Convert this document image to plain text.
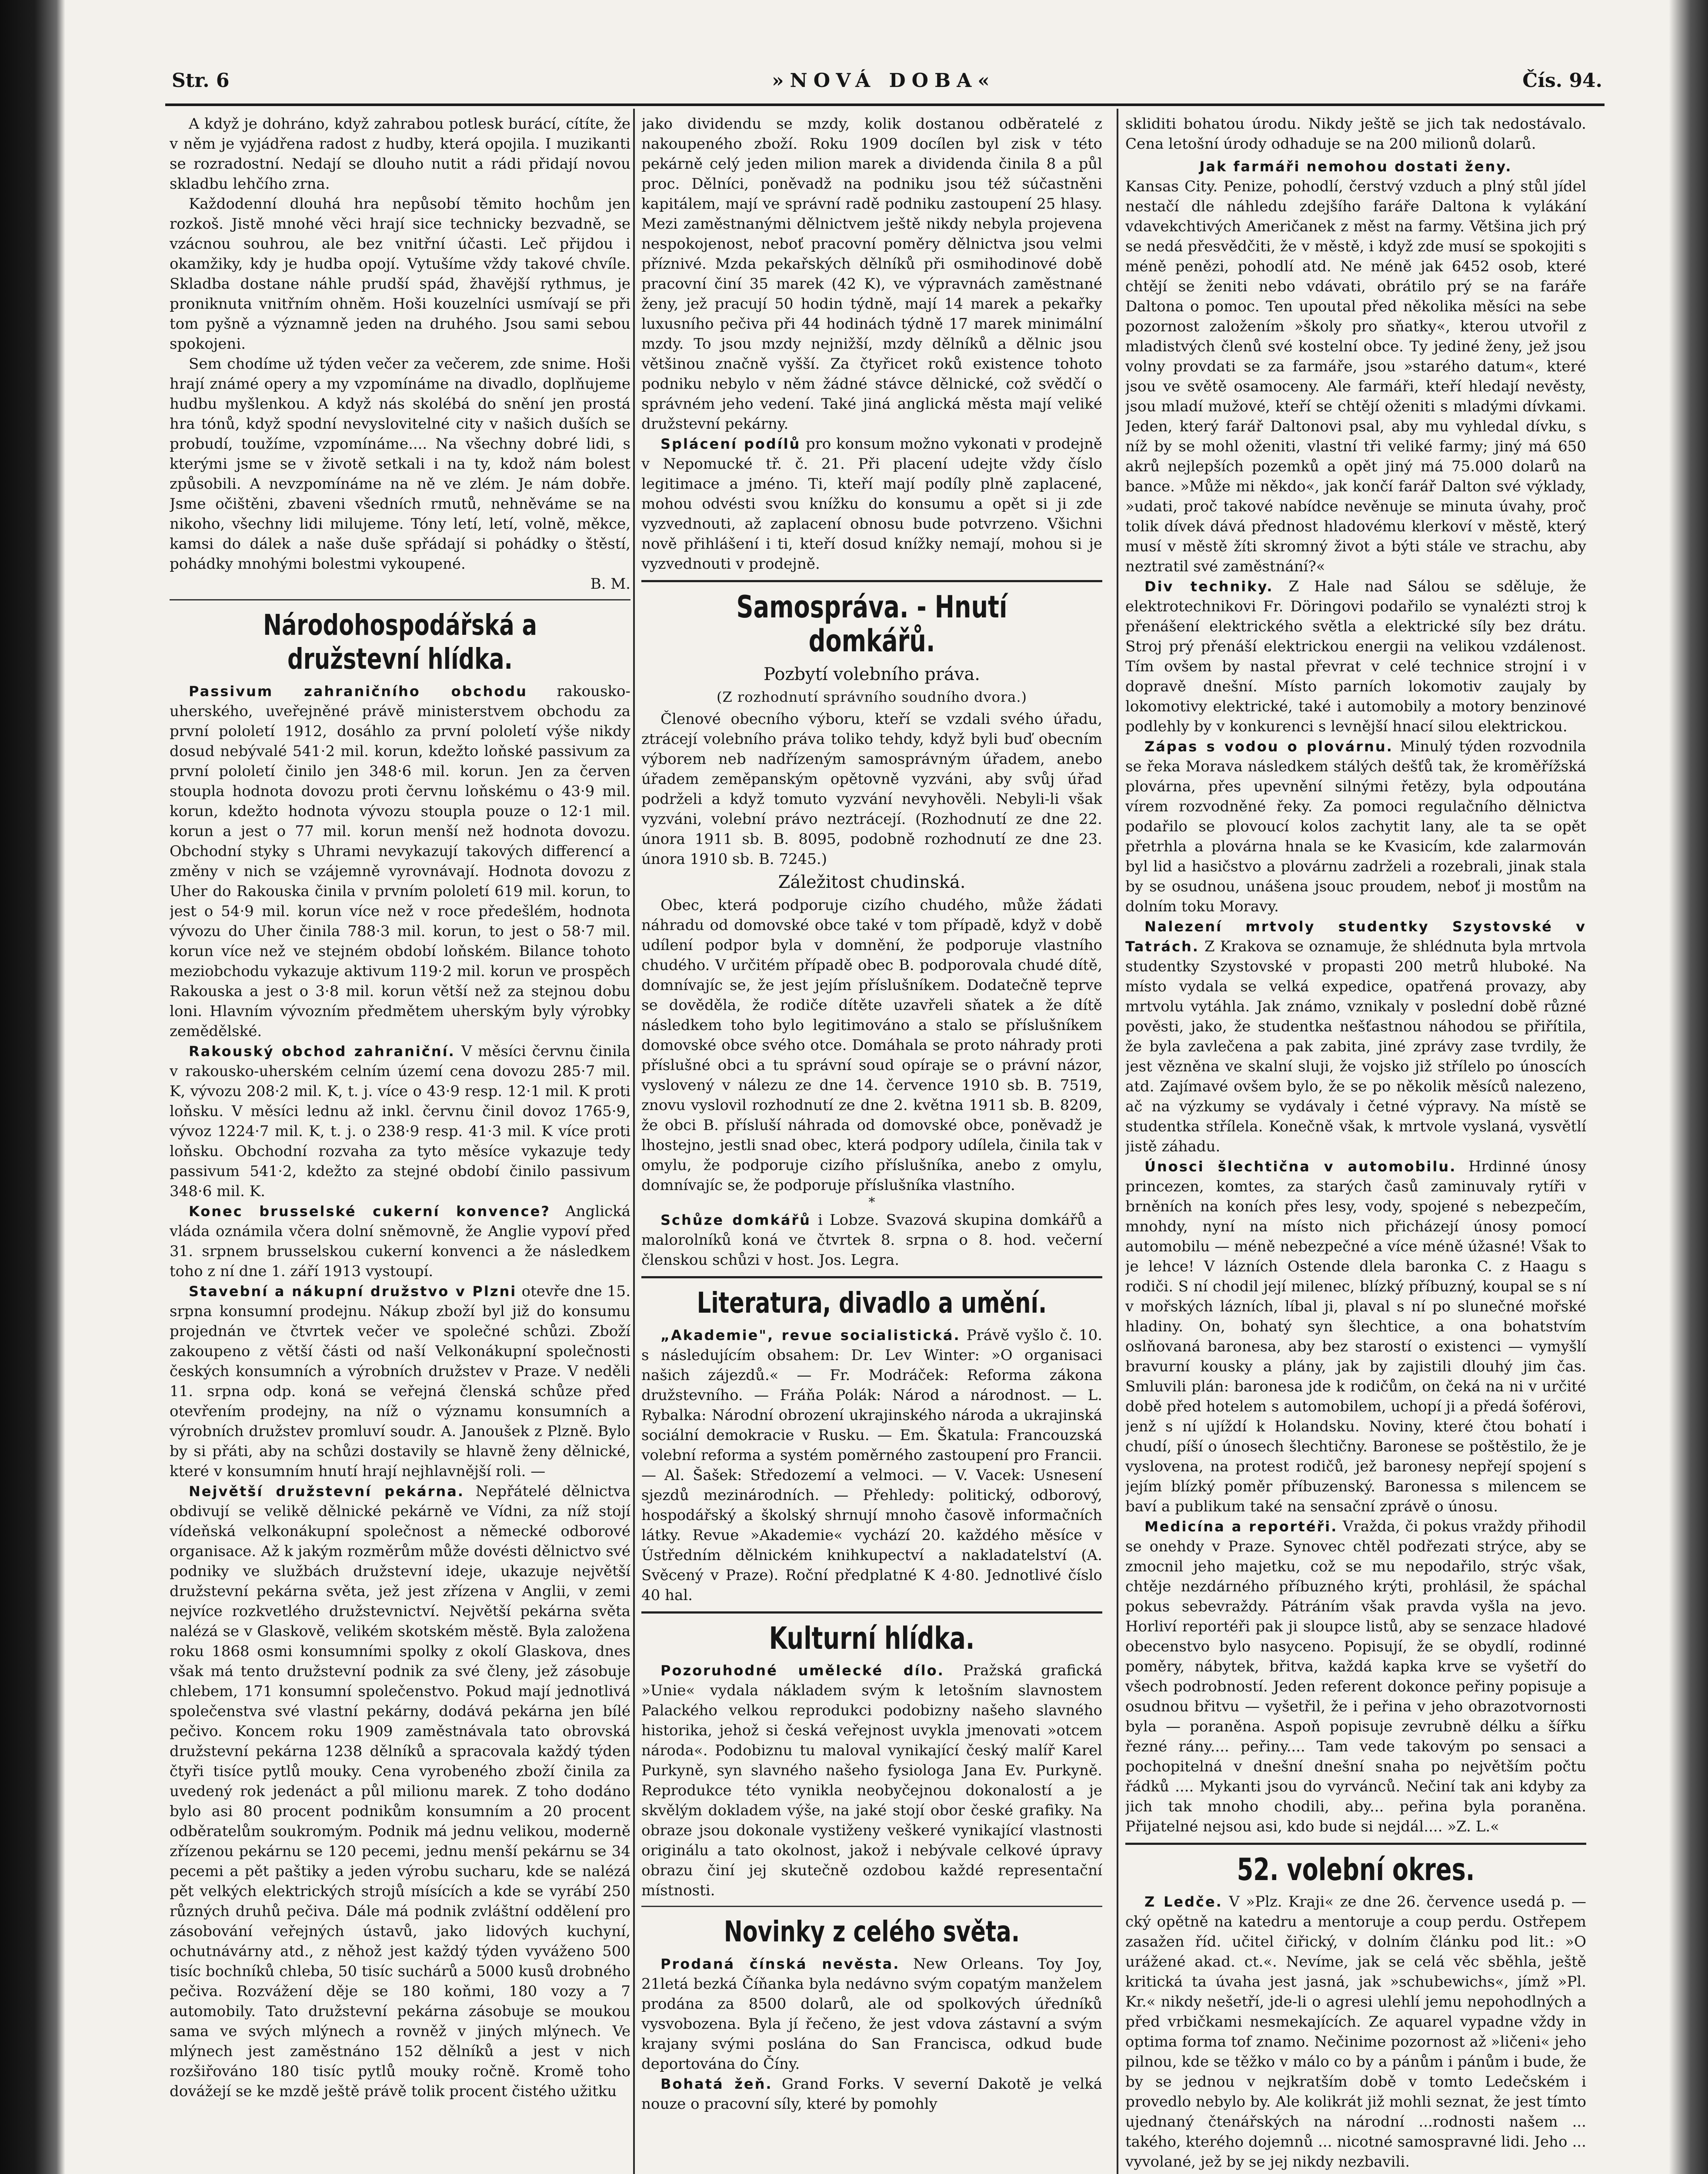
Str. 6	»NOVÁ DOBA«	Čís. 94.

A když je dohráno, když zahrabou potlesk burácí, cítíte, že v něm je vyjádřena radost z hudby, která opojila. I muzikanti se rozradostní. Nedají se dlouho nutit a rádi přidají novou skladbu lehčího zrna.

Každodenní dlouhá hra nepůsobí těmito hochům jen rozkoš. Jistě mnohé věci hrají sice technicky bezvadně, se vzácnou souhrou, ale bez vnitřní účasti. Leč přijdou i okamžiky, kdy je hudba opojí. Vytušíme vždy takové chvíle. Skladba dostane náhle prudší spád, žhavější rythmus, je proniknuta vnitřním ohněm. Hoši kouzelníci usmívají se při tom pyšně a významně jeden na druhého. Jsou sami sebou spokojeni.

Sem chodíme už týden večer za večerem, zde snime. Hoši hrají známé opery a my vzpomínáme na divadlo, doplňujeme hudbu myšlenkou. A když nás skolébá do snění jen prostá hra tónů, když spodní nevyslovitelné city v našich duších se probudí, toužíme, vzpomínáme.... Na všechny dobré lidi, s kterými jsme se v životě setkali i na ty, kdož nám bolest způsobili. A nevzpomínáme na ně ve zlém. Je nám dobře. Jsme očištěni, zbaveni všedních rmutů, nehněváme se na nikoho, všechny lidi milujeme. Tóny letí, letí, volně, měkce, kamsi do dálek a naše duše spřádají si pohádky o štěstí, pohádky mnohými bolestmi vykoupené.

B. M.
Národohospodářská a družstevní hlídka.

Passivum zahraničního obchodu rakousko-uherského, uveřejněné právě ministerstvem obchodu za první pololetí 1912, dosáhlo za první pololetí výše nikdy dosud nebývalé 541·2 mil. korun, kdežto loňské passivum za první pololetí činilo jen 348·6 mil. korun. Jen za červen stoupla hodnota dovozu proti červnu loňskému o 43·9 mil. korun, kdežto hodnota vývozu stoupla pouze o 12·1 mil. korun a jest o 77 mil. korun menší než hodnota dovozu. Obchodní styky s Uhrami nevykazují takových differencí a změny v nich se vzájemně vyrovnávají. Hodnota dovozu z Uher do Rakouska činila v prvním pololetí 619 mil. korun, to jest o 54·9 mil. korun více než v roce předešlém, hodnota vývozu do Uher činila 788·3 mil. korun, to jest o 58·7 mil. korun více než ve stejném období loňském. Bilance tohoto meziobchodu vykazuje aktivum 119·2 mil. korun ve prospěch Rakouska a jest o 3·8 mil. korun větší než za stejnou dobu loni. Hlavním vývozním předmětem uherským byly výrobky zemědělské.

Rakouský obchod zahraniční. V měsíci červnu činila v rakousko-uherském celním území cena dovozu 285·7 mil. K, vývozu 208·2 mil. K, t. j. více o 43·9 resp. 12·1 mil. K proti loňsku. V měsíci lednu až inkl. červnu činil dovoz 1765·9, vývoz 1224·7 mil. K, t. j. o 238·9 resp. 41·3 mil. K více proti loňsku. Obchodní rozvaha za tyto měsíce vykazuje tedy passivum 541·2, kdežto za stejné období činilo passivum 348·6 mil. K.

Konec brusselské cukerní konvence? Anglická vláda oznámila včera dolní sněmovně, že Anglie vypoví před 31. srpnem brusselskou cukerní konvenci a že následkem toho z ní dne 1. září 1913 vystoupí.

Stavební a nákupní družstvo v Plzni otevře dne 15. srpna konsumní prodejnu. Nákup zboží byl již do konsumu projednán ve čtvrtek večer ve společné schůzi. Zboží zakoupeno z větší části od naší Velkonákupní společnosti českých konsumních a výrobních družstev v Praze. V neděli 11. srpna odp. koná se veřejná členská schůze před otevřením prodejny, na níž o významu konsumních a výrobních družstev promluví soudr. A. Janoušek z Plzně. Bylo by si přáti, aby na schůzi dostavily se hlavně ženy dělnické, které v konsumním hnutí hrají nejhlavnější roli. —

Největší družstevní pekárna. Nepřátelé dělnictva obdivují se velikě dělnické pekárně ve Vídni, za níž stojí vídeňská velkonákupní společnost a německé odborové organisace. Až k jakým rozměrům může dovésti dělnictvo své podniky ve službách družstevní ideje, ukazuje největší družstevní pekárna světa, jež jest zřízena v Anglii, v zemi nejvíce rozkvetlého družstevnictví. Největší pekárna světa nalézá se v Glaskově, velikém skotském městě. Byla založena roku 1868 osmi konsumními spolky z okolí Glaskova, dnes však má tento družstevní podnik za své členy, jež zásobuje chlebem, 171 konsumní společenstvo. Pokud mají jednotlivá společenstva své vlastní pekárny, dodává pekárna jen bílé pečivo. Koncem roku 1909 zaměstnávala tato obrovská družstevní pekárna 1238 dělníků a spracovala každý týden čtyři tisíce pytlů mouky. Cena vyrobeného zboží činila za uvedený rok jedenáct a půl milionu marek. Z toho dodáno bylo asi 80 procent podnikům konsumním a 20 procent odběratelům soukromým. Podnik má jednu velikou, moderně zřízenou pekárnu se 120 pecemi, jednu menší pekárnu se 34 pecemi a pět paštiky a jeden výrobu sucharu, kde se nalézá pět velkých elektrických strojů mísících a kde se vyrábí 250 různých druhů pečiva. Dále má podnik zvláštní oddělení pro zásobování veřejných ústavů, jako lidových kuchyní, ochutnávárny atd., z něhož jest každý týden vyváženo 500 tisíc bochníků chleba, 50 tisíc suchárů a 5000 kusů drobného pečiva. Rozvážení děje se 180 koňmi, 180 vozy a 7 automobily. Tato družstevní pekárna zásobuje se moukou sama ve svých mlýnech a rovněž v jiných mlýnech. Ve mlýnech jest zaměstnáno 152 dělníků a jest v nich rozšiřováno 180 tisíc pytlů mouky ročně. Kromě toho dovážejí se ke mzdě ještě právě tolik procent čistého užitku

jako dividendu se mzdy, kolik dostanou odběratelé z nakoupeného zboží. Roku 1909 docílen byl zisk v této pekárně celý jeden milion marek a dividenda činila 8 a půl proc. Dělníci, poněvadž na podniku jsou též súčastněni kapitálem, mají ve správní radě podniku zastoupení 25 hlasy. Mezi zaměstnanými dělnictvem ještě nikdy nebyla projevena nespokojenost, neboť pracovní poměry dělnictva jsou velmi příznivé. Mzda pekařských dělníků při osmihodinové době pracovní činí 35 marek (42 K), ve výpravnách zaměstnané ženy, jež pracují 50 hodin týdně, mají 14 marek a pekařky luxusního pečiva při 44 hodinách týdně 17 marek minimální mzdy. To jsou mzdy nejnižší, mzdy dělníků a dělnic jsou většinou značně vyšší. Za čtyřicet roků existence tohoto podniku nebylo v něm žádné stávce dělnické, což svědčí o správném jeho vedení. Také jiná anglická města mají veliké družstevní pekárny.

Splácení podílů pro konsum možno vykonati v prodejně v Nepomucké tř. č. 21. Při placení udejte vždy číslo legitimace a jméno. Ti, kteří mají podíly plně zaplacené, mohou odvésti svou knížku do konsumu a opět si ji zde vyzvednouti, až zaplacení obnosu bude potvrzeno. Všichni nově přihlášení i ti, kteří dosud knížky nemají, mohou si je vyzvednouti v prodejně.

Samospráva. - Hnutí domkářů.
Pozbytí volebního práva.
(Z rozhodnutí správního soudního dvora.)

Členové obecního výboru, kteří se vzdali svého úřadu, ztrácejí volebního práva toliko tehdy, když byli buď obecním výborem neb nadřízeným samosprávným úřadem, anebo úřadem zeměpanským opětovně vyzváni, aby svůj úřad podrželi a když tomuto vyzvání nevyhověli. Nebyli-li však vyzváni, volební právo neztrácejí. (Rozhodnutí ze dne 22. února 1911 sb. B. 8095, podobně rozhodnutí ze dne 23. února 1910 sb. B. 7245.)

Záležitost chudinská.

Obec, která podporuje cizího chudého, může žádati náhradu od domovské obce také v tom případě, když v době udílení podpor byla v domnění, že podporuje vlastního chudého. V určitém případě obec B. podporovala chudé dítě, domnívajíc se, že jest jejím příslušníkem. Dodatečně teprve se dověděla, že rodiče dítěte uzavřeli sňatek a že dítě následkem toho bylo legitimováno a stalo se příslušníkem domovské obce svého otce. Domáhala se proto náhrady proti příslušné obci a tu správní soud opíraje se o právní názor, vyslovený v nálezu ze dne 14. července 1910 sb. B. 7519, znovu vyslovil rozhodnutí ze dne 2. května 1911 sb. B. 8209, že obci B. přísluší náhrada od domovské obce, poněvadž je lhostejno, jestli snad obec, která podpory udílela, činila tak v omylu, že podporuje cizího příslušníka, anebo z omylu, domnívajíc se, že podporuje příslušníka vlastního.

*

Schůze domkářů i Lobze. Svazová skupina domkářů a malorolníků koná ve čtvrtek 8. srpna o 8. hod. večerní členskou schůzi v host. Jos. Legra.

Literatura, divadlo a umění.

„Akademie", revue socialistická. Právě vyšlo č. 10. s následujícím obsahem: Dr. Lev Winter: »O organisaci našich zájezdů.« — Fr. Modráček: Reforma zákona družstevního. — Fráňa Polák: Národ a národnost. — L. Rybalka: Národní obrození ukrajinského národa a ukrajinská sociální demokracie v Rusku. — Em. Škatula: Francouzská volební reforma a systém poměrného zastoupení pro Francii. — Al. Šašek: Středozemí a velmoci. — V. Vacek: Usnesení sjezdů mezinárodních. — Přehledy: politický, odborový, hospodářský a školský shrnují mnoho časově informačních látky. Revue »Akademie« vychází 20. každého měsíce v Ústředním dělnickém knihkupectví a nakladatelství (A. Svěcený v Praze). Roční předplatné K 4·80. Jednotlivé číslo 40 hal.

Kulturní hlídka.

Pozoruhodné umělecké dílo. Pražská grafická »Unie« vydala nákladem svým k letošním slavnostem Palackého velkou reprodukci podobizny našeho slavného historika, jehož si česká veřejnost uvykla jmenovati »otcem národa«. Podobiznu tu maloval vynikající český malíř Karel Purkyně, syn slavného našeho fysiologa Jana Ev. Purkyně. Reprodukce této vynikla neobyčejnou dokonalostí a je skvělým dokladem výše, na jaké stojí obor české grafiky. Na obraze jsou dokonale vystiženy veškeré vynikající vlastnosti originálu a tato okolnost, jakož i nebývale celkové úpravy obrazu činí jej skutečně ozdobou každé representační místnosti.

Novinky z celého světa.

Prodaná čínská nevěsta. New Orleans. Toy Joy, 21letá bezká Číňanka byla nedávno svým copatým manželem prodána za 8500 dolarů, ale od spolkových úředníků vysvobozena. Byla jí řečeno, že jest vdova zástavní a svým krajany svými poslána do San Francisca, odkud bude deportována do Číny.

Bohatá žeň. Grand Forks. V severní Dakotě je velká nouze o pracovní síly, které by pomohly

skliditi bohatou úrodu. Nikdy ještě se jich tak nedostávalo. Cena letošní úrody odhaduje se na 200 milionů dolarů.

Jak farmáři nemohou dostati ženy.

Kansas City. Penize, pohodlí, čerstvý vzduch a plný stůl jídel nestačí dle náhledu zdejšího faráře Daltona k vylákání vdavekchtivých Američanek z měst na farmy. Většina jich prý se nedá přesvědčiti, že v městě, i když zde musí se spokojiti s méně penězi, pohodlí atd. Ne méně jak 6452 osob, které chtějí se ženiti nebo vdávati, obrátilo prý se na faráře Daltona o pomoc. Ten upoutal před několika měsíci na sebe pozornost založením »školy pro sňatky«, kterou utvořil z mladistvých členů své kostelní obce. Ty jediné ženy, jež jsou volny provdati se za farmáře, jsou »starého datum«, které jsou ve světě osamoceny. Ale farmáři, kteří hledají nevěsty, jsou mladí mužové, kteří se chtějí oženiti s mladými dívkami. Jeden, který farář Daltonovi psal, aby mu vyhledal dívku, s níž by se mohl oženiti, vlastní tři veliké farmy; jiný má 650 akrů nejlepších pozemků a opět jiný má 75.000 dolarů na bance. »Může mi někdo«, jak končí farář Dalton své výklady, »udati, proč takové nabídce nevěnuje se minuta úvahy, proč tolik dívek dává přednost hladovému klerkoví v městě, který musí v městě žíti skromný život a býti stále ve strachu, aby neztratil své zaměstnání?«

Div techniky. Z Hale nad Sálou se sděluje, že elektrotechnikovi Fr. Döringovi podařilo se vynalézti stroj k přenášení elektrického světla a elektrické síly bez drátu. Stroj prý přenáší elektrickou energii na velikou vzdálenost. Tím ovšem by nastal převrat v celé technice strojní i v dopravě dnešní. Místo parních lokomotiv zaujaly by lokomotivy elektrické, také i automobily a motory benzinové podlehly by v konkurenci s levnější hnací silou elektrickou.

Zápas s vodou o plovárnu. Minulý týden rozvodnila se řeka Morava následkem stálých dešťů tak, že kroměřížská plovárna, přes upevnění silnými řetězy, byla odpoutána vírem rozvodněné řeky. Za pomoci regulačního dělnictva podařilo se plovoucí kolos zachytit lany, ale ta se opět přetrhla a plovárna hnala se ke Kvasicím, kde zalarmován byl lid a hasičstvo a plovárnu zadrželi a rozebrali, jinak stala by se osudnou, unášena jsouc proudem, neboť ji mostům na dolním toku Moravy.

Nalezení mrtvoly studentky Szystovské v Tatrách. Z Krakova se oznamuje, že shlédnuta byla mrtvola studentky Szystovské v propasti 200 metrů hluboké. Na místo vydala se velká expedice, opatřená provazy, aby mrtvolu vytáhla. Jak známo, vznikaly v poslední době různé pověsti, jako, že studentka nešťastnou náhodou se přiřítila, že byla zavlečena a pak zabita, jiné zprávy zase tvrdily, že jest vězněna ve skalní sluji, že vojsko již střílelo po únoscích atd. Zajímavé ovšem bylo, že se po několik měsíců nalezeno, ač na výzkumy se vydávaly i četné výpravy. Na místě se studentka střílela. Konečně však, k mrtvole vyslaná, vysvětlí jistě záhadu.

Únosci šlechtična v automobilu. Hrdinné únosy princezen, komtes, za starých časů zaminuvaly rytíři v brněních na koních přes lesy, vody, spojené s nebezpečím, mnohdy, nyní na místo nich přicházejí únosy pomocí automobilu — méně nebezpečné a více méně úžasné! Však to je lehce! V lázních Ostende dlela baronka C. z Haagu s rodiči. S ní chodil její milenec, blízký příbuzný, koupal se s ní v mořských lázních, líbal ji, plaval s ní po slunečné mořské hladiny. On, bohatý syn šlechtice, a ona bohatstvím oslňovaná baronesa, aby bez starostí o existenci — vymyšlí bravurní kousky a plány, jak by zajistili dlouhý jim čas. Smluvili plán: baronesa jde k rodičům, on čeká na ni v určité době před hotelem s automobilem, uchopí ji a předá šoférovi, jenž s ní ujíždí k Holandsku. Noviny, které čtou bohatí i chudí, píší o únosech šlechtičny. Baronese se poštěstilo, že je vyslovena, na protest rodičů, jež baronesy nepřejí spojení s jejím blízký poměr příbuzenský. Baronessa s milencem se baví a publikum také na sensační zprávě o únosu.

Medicína a reportéři. Vražda, či pokus vraždy přihodil se onehdy v Praze. Synovec chtěl podřezati strýce, aby se zmocnil jeho majetku, což se mu nepodařilo, strýc však, chtěje nezdárného příbuzného krýti, prohlásil, že spáchal pokus sebevraždy. Pátráním však pravda vyšla na jevo. Horliví reportéři pak ji sloupce listů, aby se senzace hladové obecenstvo bylo nasyceno. Popisují, že se obydlí, rodinné poměry, nábytek, břitva, každá kapka krve se vyšetří do všech podrobností. Jeden referent dokonce peřiny popisuje a osudnou břitvu — vyšetřil, že i peřina v jeho obrazotvornosti byla — poraněna. Aspoň popisuje zevrubně délku a šířku řezné rány.... peřiny.... Tam vede takovým po sensaci a pochopitelná v dnešní dnešní snaha po největším počtu řádků .... Mykanti jsou do vyrvánců. Nečiní tak ani kdyby za jich tak mnoho chodili, aby... peřina byla poraněna. Přijatelné nejsou asi, kdo bude si nejdál.... »Z. L.«

52. volební okres.

Z Ledče. V »Plz. Kraji« ze dne 26. července usedá p. —cký opětně na katedru a mentoruje a coup perdu. Ostřepem zasažen říd. učitel čiřický, v dolním článku pod lit.: »O urážené akad. ct.«. Nevíme, jak se celá věc sběhla, ještě kritická ta úvaha jest jasná, jak »schubewichs«, jímž »Pl. Kr.« nikdy nešetří, jde-li o agresi ulehlí jemu nepohodlných a před vrbičkami nesmekajících. Ze aquarel vypadne vždy in optima forma tof znamo. Nečinime pozornost až »ličeni« jeho pilnou, kde se těžko v málo co by a pánům i pánům i bude, že by se jednou v nejkratším době v tomto Ledečském i provedlo nebylo by. Ale kolikrát již mohli seznat, že jest tímto ujednaný čtenářských na národní ...rodnosti našem ... takého, kterého dojemnů ... nicotné samospravné lidi. Jeho ... vyvolané, jež by se jej nikdy nezbavili.
